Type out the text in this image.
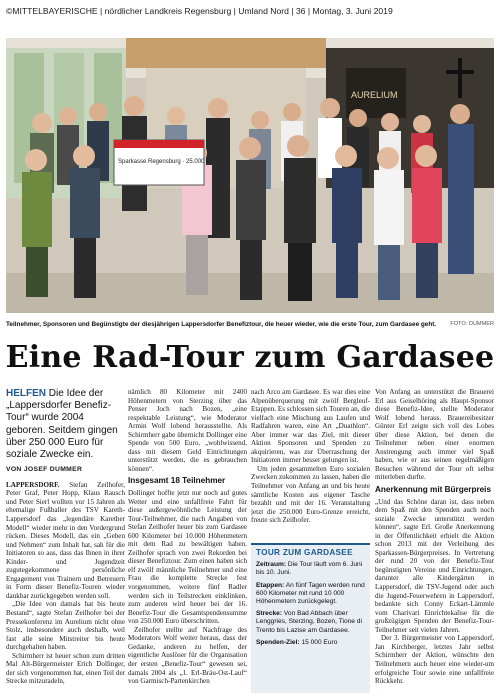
©MITTELBAYERISCHE | nördlicher Landkreis Regensburg | Umland Nord | 36 | Montag, 3. Juni 2019
AURELIUM
Sparkasse Regensburg · 25.000 €
Teilnehmer, Sponsoren und Begünstigte der diesjährigen Lappersdorfer Benefiztour, die heuer wieder, wie die erste Tour, zum Gardasee geht.	FOTO: DUMMER
Eine Rad-Tour zum Gardasee

HELFEN Die Idee der „Lappersdorfer Benefiz-Tour“ wurde 2004 geboren. Seitdem gingen über 250 000 Euro für soziale Zwecke ein.

VON JOSEF DUMMER

LAPPERSDORF. Stefan Zeilhofer, Peter Graf, Peter Hopp, Klaus Rausch und Peter Sierl wollten vor 15 Jahren als ehemalige Fußballer des TSV Kareth-Lappersdorf das „legendäre Karether Modell“ wieder mehr in den Vordergrund rücken. Dieses Modell, das ein „Geben und Nehmen“ zum Inhalt hat, sah für die Initiatoren so aus, dass das Ihnen in ihrer Kinder- und Jugendzeit zugutegekommene persönliche Engagement von Trainern und Betreuern in Form dieser Benefiz-Touren wieder dankbar zurückgegeben werden soll.

„Die Idee von damals hat bis heute Bestand“, sagte Stefan Zeilhofer bei der Pressekonferenz im Aurelium nicht ohne Stolz, insbesondere auch deshalb, weil fast alle seine Mitstreiter bis heute durchgehalten haben.

Schirmherr ist heuer schon zum dritten Mal Alt-Bürgermeister Erich Dollinger, der sich vorgenommen hat, einen Teil der Strecke mitzuradeln,

nämlich 80 Kilometer mit 2400 Höhenmetern von Sterzing über das Penser Joch nach Bozen, „eine respektable Leistung“, wie Moderator Armin Wolf lobend herausstellte. Als Schirmherr gabe übernicht Dollinger eine Spende von 500 Euro, „wohlwissend, dass mit diesem Geld Einrichtungen unterstützt werden, die es gebrauchen können“.

Insgesamt 18 Teilnehmer

Dollinger hoffte jetzt nur noch auf gutes Wetter und eine unfallfreie Fahrt für diese außergewöhnliche Leistung der Tour-Teilnehmer, die nach Angaben von Stefan Zeilhofer heuer bis zum Gardasee 600 Kilometer bei 10.000 Höhenmetern mit dem Rad zu bewältigen haben. Zeilhofer sprach von zwei Rekorden bei dieser Benefiztour. Zum einen haben sich elf zwölf männliche Teilnehmer und eine Frau die komplette Strecke fest vorgenommen, weitere fünf Radler werden sich in Teilstrecken einklinken, zum anderen wird heuer bei der 16. Benefiz-Tour die Gesamtspendensumme von 250.000 Euro überschritten.

Zeilhofer stellte auf Nachfrage des Moderators Wolf weiter heraus, dass der Gedanke, anderen zu helfen, der eigentliche Auslöser für die Organisation der ersten „Benefiz-Tour“ gewesen sei, damals 2004 als „1. Erl-Bräu-Ost-Lauf“ von Garmisch-Partenkirchen

nach Arco am Gardasee. Es war dies eine Alpenüberquerung mit zwölf Bergleuf-Etappen. Es schlossen sich Touren an, die vielfach eine Mischung aus Laufen und Radfahren waren, eine Art „Duathlon“. Aber immer war das Ziel, mit dieser Aktion Sponsoren und Spenden zu akquirieren, was zur Überraschung der Initiatoren immer besser gelungen ist.

Um jeden gesammelten Euro sozialen Zwecken zukommen zu lassen, haben die Teilnehmer von Anfang an und bis heute sämtliche Kosten aus eigener Tasche bezahlt und mit der 16. Veranstaltung jetzt die 250.000 Euro-Grenze erreicht, freute sich Zeilhofer.

TOUR ZUM GARDASEE
Zeitraum: Die Tour läuft vom 6. Juni bis 10. Juni.
Etappen: An fünf Tagen werden rund 600 Kilometer mit rund 10 000 Höhenmetern zurückgelegt.
Strecke: Von Bad Abbach über Lenggries, Sterzing, Bozen, Tione di Trento bis Lazise am Gardasee.
Spenden-Ziel: 15 000 Euro

Von Anfang an unterstützt die Brauerei Erl aus Geiselhöring als Haupt-Sponsor diese Benefiz-Idee, stellte Moderator Wolf lobend heraus. Brauereibesitzer Günter Erl zeigte sich voll des Lobes über diese Aktion, bei denen die Teilnehmer neben einer enormen Anstrengung auch immer viel Spaß haben, wie er aus seinen regelmäßigen Besuchen während der Tour oft selbst miterleben durfte.

Anerkennung mit Bürgerpreis

„Und das Schöne daran ist, dass neben dem Spaß mit den Spenden auch noch soziale Zwecke unterstützt werden können“, sagte Erl. Große Anerkennung in der Öffentlichkeit erhielt die Aktion schon 2013 mit der Verleihung des Sparkassen-Bürgerpreises. In Vertretung der rund 20 von der Benefiz-Tour begünstigten Vereine und Einrichtungen, darunter alle Kindergärten in Lappersdorf, die TSV-Jugend oder auch die Jugend-Feuerwehren in Lappersdorf, bedankte sich Conny Eckart-Lämmle vom Charivari Einrichtekalise für die großzügigen Spenden der Benefiz-Tour-Teilnehmer seit vielen Jahren.

Der 3. Bürgermeister von Lappersdorf, Jan Kirchberger, letztes Jahr selbst Schirmherr der Aktion, wünschte den Teilnehmern auch heuer eine wieder-um erfolgreiche Tour sowie eine unfallfreie Rückkehr.
